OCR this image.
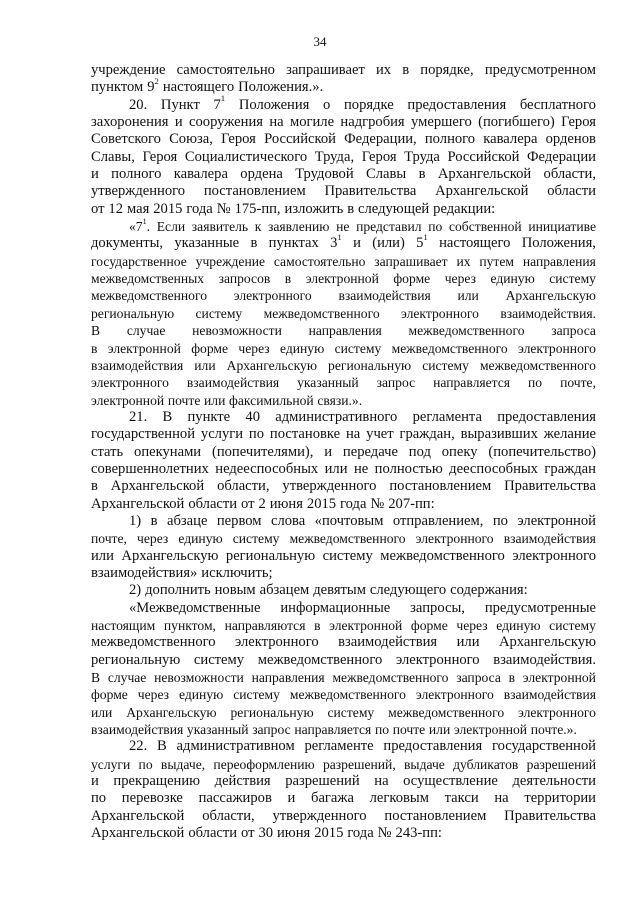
34
учреждение самостоятельно запрашивает их в порядке, предусмотренном
пунктом $9^2$ настоящего Положения.».
20. Пункт $7^1$ Положения о порядке предоставления бесплатного
захоронения и сооружения на могиле надгробия умершего (погибшего) Героя
Советского Союза, Героя Российской Федерации, полного кавалера орденов
Славы, Героя Социалистического Труда, Героя Труда Российской Федерации
и полного кавалера ордена Трудовой Славы в Архангельской области,
утвержденного постановлением Правительства Архангельской области
от 12 мая 2015 года № 175-пп, изложить в следующей редакции:
«$7^1$. Если заявитель к заявлению не представил по собственной инициативе
документы, указанные в пунктах $3^1$ и (или) $5^1$ настоящего Положения,
государственное учреждение самостоятельно запрашивает их путем направления
межведомственных запросов в электронной форме через единую систему
межведомственного электронного взаимодействия или Архангельскую
региональную систему межведомственного электронного взаимодействия.
В случае невозможности направления межведомственного запроса
в электронной форме через единую систему межведомственного электронного
взаимодействия или Архангельскую региональную систему межведомственного
электронного взаимодействия указанный запрос направляется по почте,
электронной почте или факсимильной связи.».
21. В пункте 40 административного регламента предоставления
государственной услуги по постановке на учет граждан, выразивших желание
стать опекунами (попечителями), и передаче под опеку (попечительство)
совершеннолетних недееспособных или не полностью дееспособных граждан
в Архангельской области, утвержденного постановлением Правительства
Архангельской области от 2 июня 2015 года № 207-пп:
1) в абзаце первом слова «почтовым отправлением, по электронной
почте, через единую систему межведомственного электронного взаимодействия
или Архангельскую региональную систему межведомственного электронного
взаимодействия» исключить;
2) дополнить новым абзацем девятым следующего содержания:
«Межведомственные информационные запросы, предусмотренные
настоящим пунктом, направляются в электронной форме через единую систему
межведомственного электронного взаимодействия или Архангельскую
региональную систему межведомственного электронного взаимодействия.
В случае невозможности направления межведомственного запроса в электронной
форме через единую систему межведомственного электронного взаимодействия
или Архангельскую региональную систему межведомственного электронного
взаимодействия указанный запрос направляется по почте или электронной почте.».
22. В административном регламенте предоставления государственной
услуги по выдаче, переоформлению разрешений, выдаче дубликатов разрешений
и прекращению действия разрешений на осуществление деятельности
по перевозке пассажиров и багажа легковым такси на территории
Архангельской области, утвержденного постановлением Правительства
Архангельской области от 30 июня 2015 года № 243-пп:
